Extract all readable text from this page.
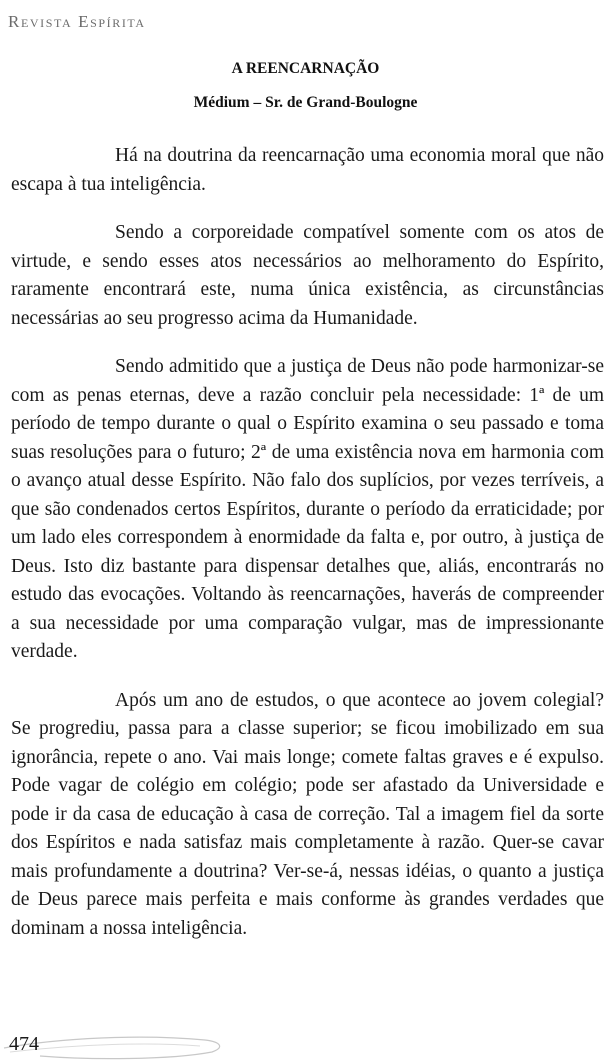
Revista Espírita
A REENCARNAÇÃO
Médium – Sr. de Grand-Boulogne

Há na doutrina da reencarnação uma economia moral que não escapa à tua inteligência.

Sendo a corporeidade compatível somente com os atos de virtude, e sendo esses atos necessários ao melhoramento do Espírito, raramente encontrará este, numa única existência, as circunstâncias necessárias ao seu progresso acima da Humanidade.

Sendo admitido que a justiça de Deus não pode harmonizar-se com as penas eternas, deve a razão concluir pela necessidade: 1ª de um período de tempo durante o qual o Espírito examina o seu passado e toma suas resoluções para o futuro; 2ª de uma existência nova em harmonia com o avanço atual desse Espírito. Não falo dos suplícios, por vezes terríveis, a que são condenados certos Espíritos, durante o período da erraticidade; por um lado eles correspondem à enormidade da falta e, por outro, à justiça de Deus. Isto diz bastante para dispensar detalhes que, aliás, encontrarás no estudo das evocações. Voltando às reencarnações, haverás de compreender a sua necessidade por uma comparação vulgar, mas de impressionante verdade.

Após um ano de estudos, o que acontece ao jovem colegial? Se progrediu, passa para a classe superior; se ficou imobilizado em sua ignorância, repete o ano. Vai mais longe; comete faltas graves e é expulso. Pode vagar de colégio em colégio; pode ser afastado da Universidade e pode ir da casa de educação à casa de correção. Tal a imagem fiel da sorte dos Espíritos e nada satisfaz mais completamente à razão. Quer-se cavar mais profundamente a doutrina? Ver-se-á, nessas idéias, o quanto a justiça de Deus parece mais perfeita e mais conforme às grandes verdades que dominam a nossa inteligência.

474
